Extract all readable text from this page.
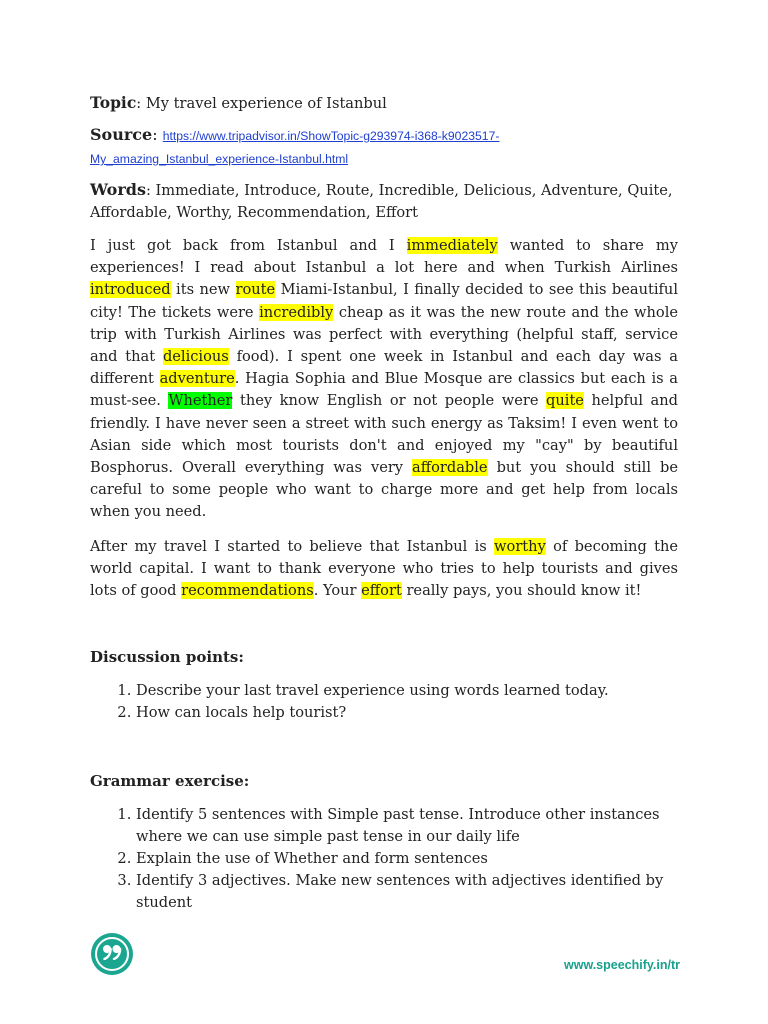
Topic: My travel experience of Istanbul

Source: https://www.tripadvisor.in/ShowTopic-g293974-i368-k9023517-

My_amazing_Istanbul_experience-Istanbul.html

Words: Immediate, Introduce, Route, Incredible, Delicious, Adventure, Quite,

Affordable, Worthy, Recommendation, Effort

I just got back from Istanbul and I immediately wanted to share my experiences! I read about Istanbul a lot here and when Turkish Airlines introduced its new route Miami-Istanbul, I finally decided to see this beautiful city! The tickets were incredibly cheap as it was the new route and the whole trip with Turkish Airlines was perfect with everything (helpful staff, service and that delicious food). I spent one week in Istanbul and each day was a different adventure. Hagia Sophia and Blue Mosque are classics but each is a must-see. Whether they know English or not people were quite helpful and friendly. I have never seen a street with such energy as Taksim! I even went to Asian side which most tourists don't and enjoyed my "cay" by beautiful Bosphorus. Overall everything was very affordable but you should still be careful to some people who want to charge more and get help from locals when you need.

After my travel I started to believe that Istanbul is worthy of becoming the world capital. I want to thank everyone who tries to help tourists and gives lots of good recommendations. Your effort really pays, you should know it!

Discussion points:

1. Describe your last travel experience using words learned today.
2. How can locals help tourist?

Grammar exercise:

1. Identify 5 sentences with Simple past tense. Introduce other instances where we can use simple past tense in our daily life
2. Explain the use of Whether and form sentences
3. Identify 3 adjectives. Make new sentences with adjectives identified by student
www.speechify.in/tr
